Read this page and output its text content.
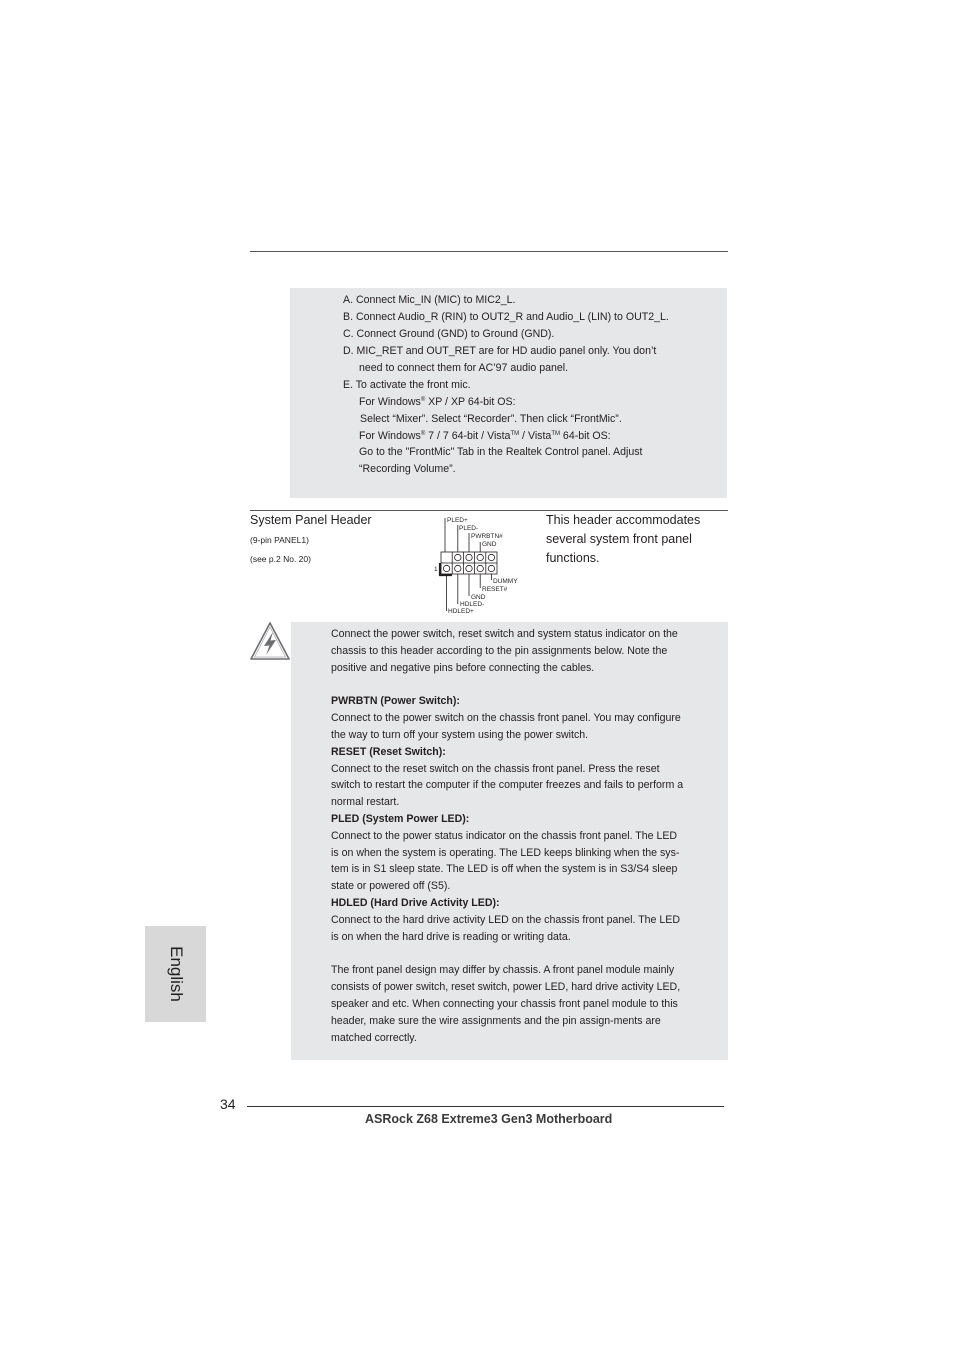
A. Connect Mic_IN (MIC) to MIC2_L.
B. Connect Audio_R (RIN) to OUT2_R and Audio_L (LIN) to OUT2_L.
C. Connect Ground (GND) to Ground (GND).
D. MIC_RET and OUT_RET are for HD audio panel only. You don’t
need to connect them for AC’97 audio panel.
E. To activate the front mic.
For Windows® XP / XP 64-bit OS:
Select “Mixer”. Select “Recorder”. Then click “FrontMic”.
For Windows® 7 / 7 64-bit / Vista™ / Vista™ 64-bit OS:
Go to the "FrontMic" Tab in the Realtek Control panel. Adjust
“Recording Volume”.
System Panel Header
(9-pin PANEL1)
(see p.2 No. 20)
This header accommodates
several system front panel
functions.
PLED+
PLED-
PWRBTN#
GND
1
DUMMY
RESET#
GND
HDLED-
HDLED+
Connect the power switch, reset switch and system status indicator on the
chassis to this header according to the pin assignments below. Note the
positive and negative pins before connecting the cables.
PWRBTN (Power Switch):
Connect to the power switch on the chassis front panel. You may configure
the way to turn off your system using the power switch.
RESET (Reset Switch):
Connect to the reset switch on the chassis front panel. Press the reset
switch to restart the computer if the computer freezes and fails to perform a
normal restart.
PLED (System Power LED):
Connect to the power status indicator on the chassis front panel. The LED
is on when the system is operating. The LED keeps blinking when the sys-
tem is in S1 sleep state. The LED is off when the system is in S3/S4 sleep
state or powered off (S5).
HDLED (Hard Drive Activity LED):
Connect to the hard drive activity LED on the chassis front panel. The LED
is on when the hard drive is reading or writing data.
The front panel design may differ by chassis. A front panel module mainly
consists of power switch, reset switch, power LED, hard drive activity LED,
speaker and etc. When connecting your chassis front panel module to this
header, make sure the wire assignments and the pin assign-ments are
matched correctly.
English
34
ASRock Z68 Extreme3 Gen3 Motherboard
